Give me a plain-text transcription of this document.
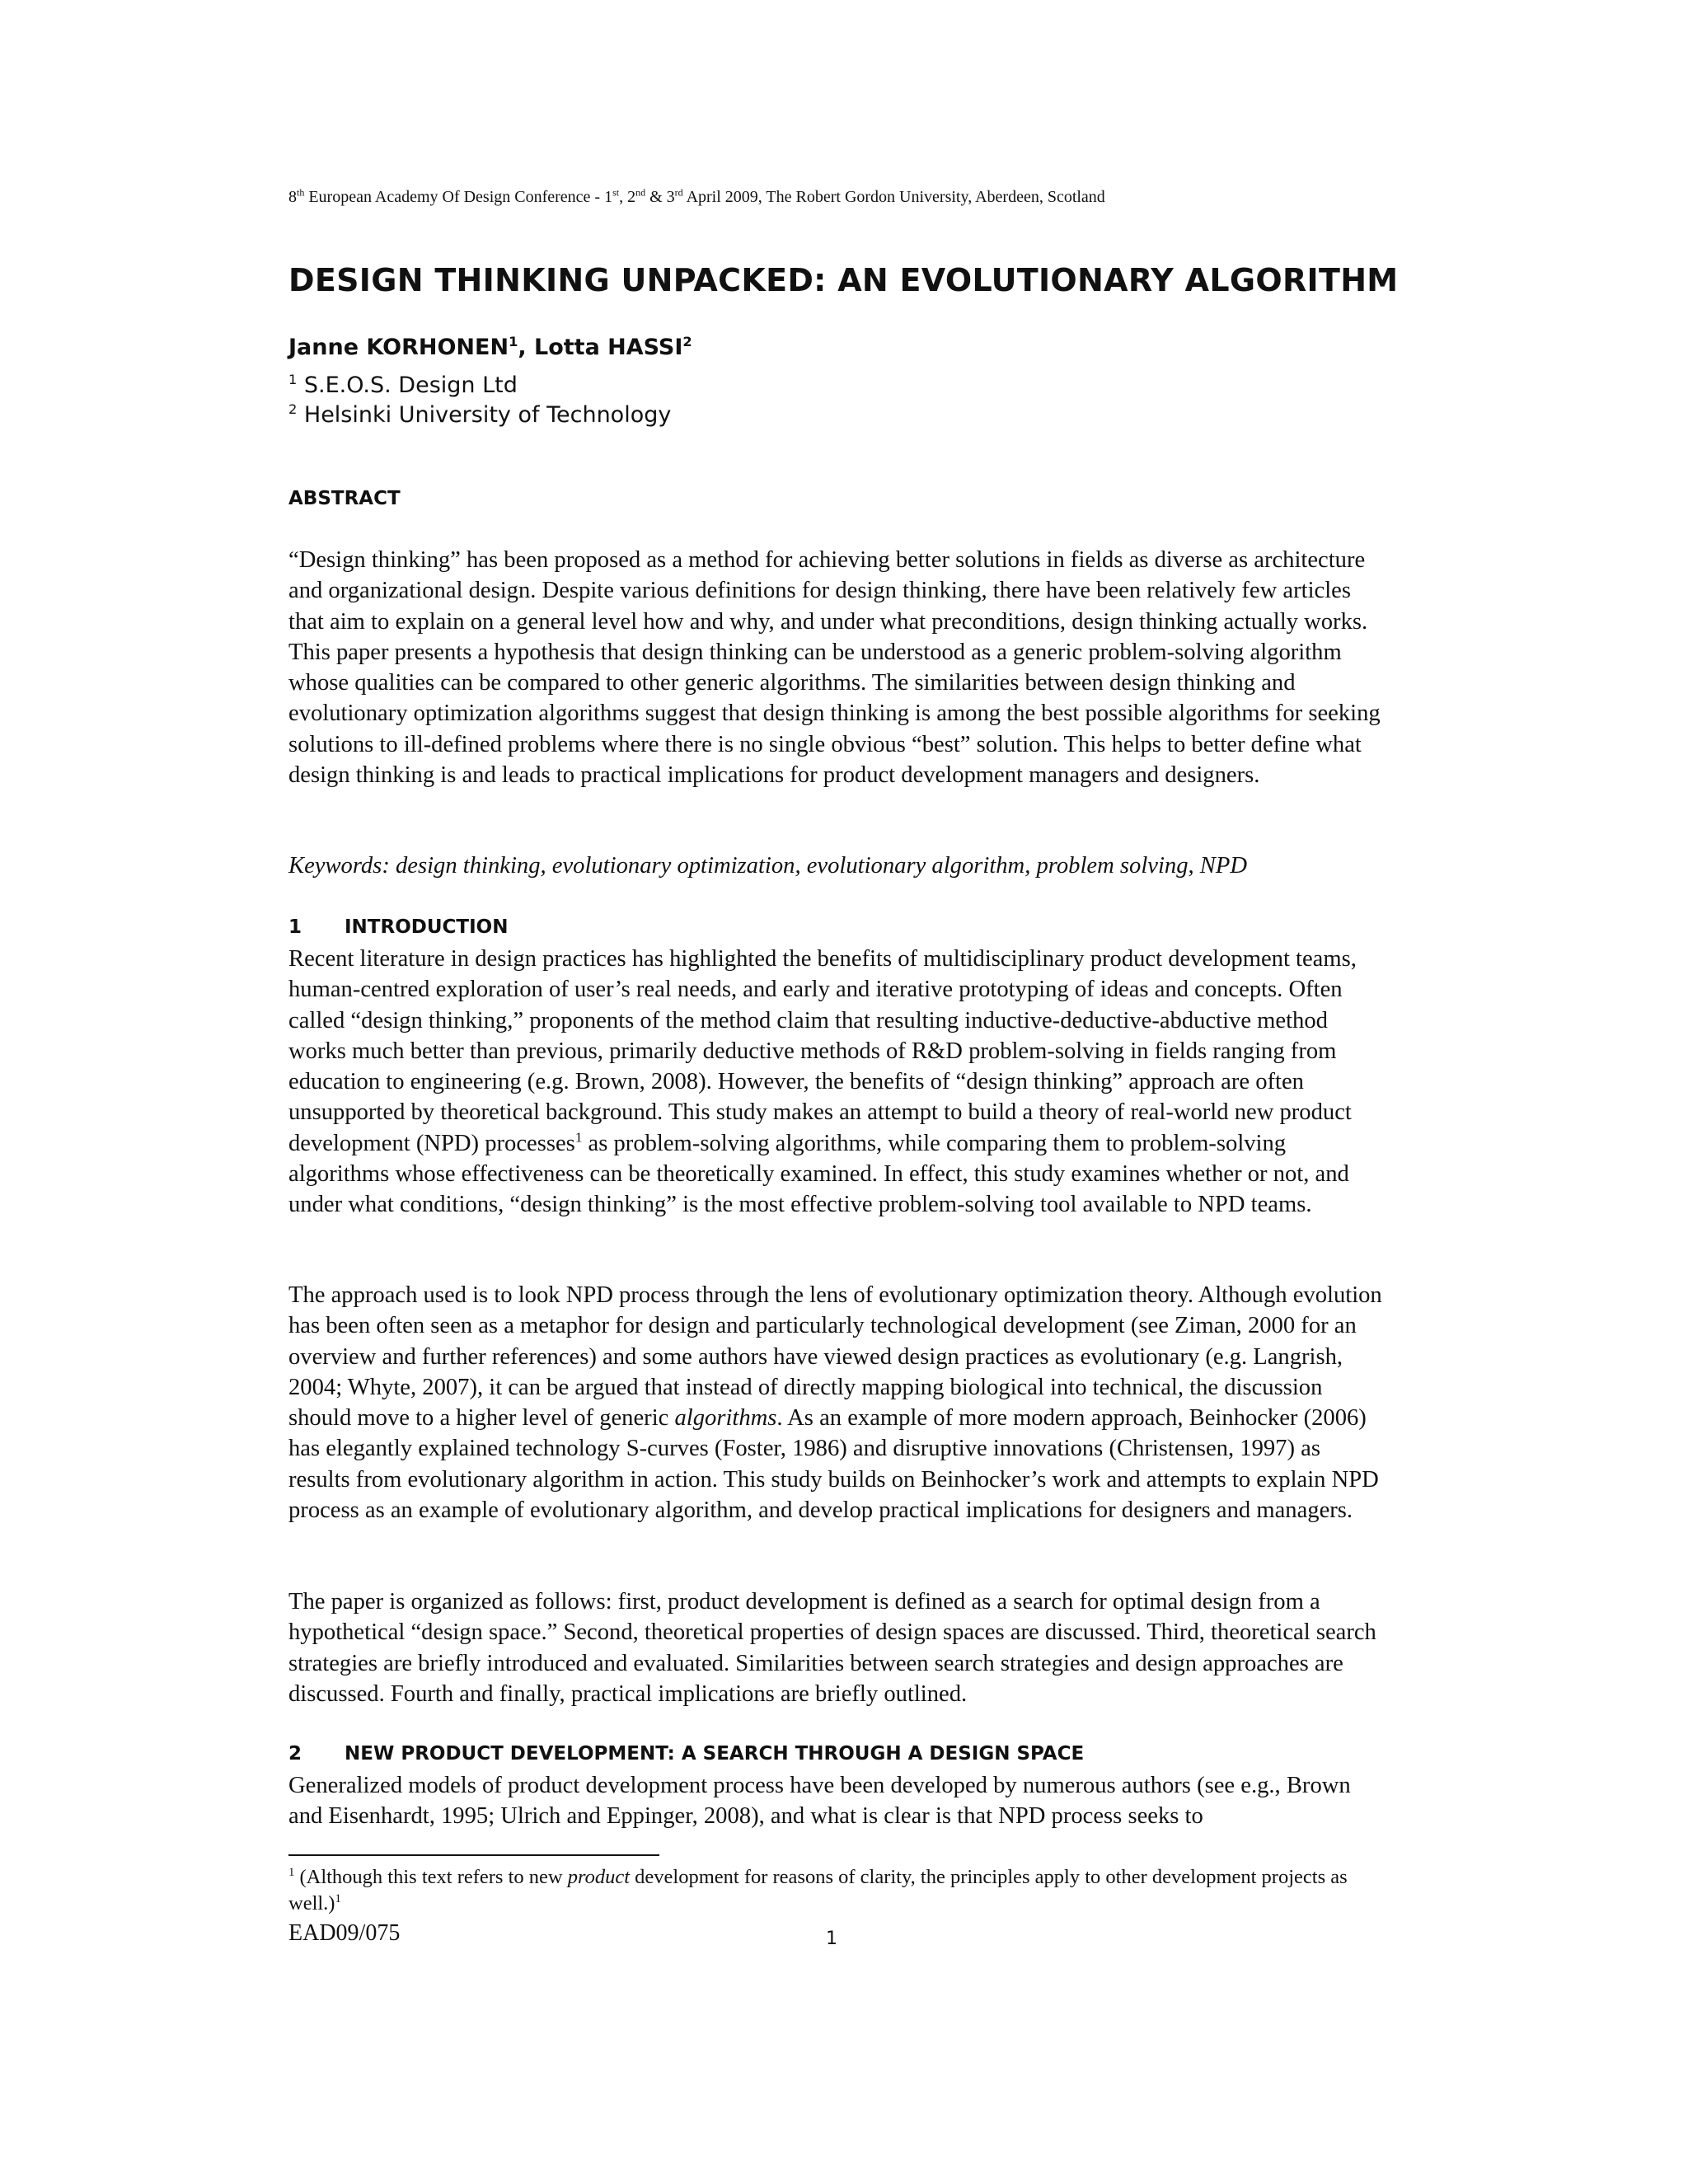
8th European Academy Of Design Conference - 1st, 2nd & 3rd April 2009, The Robert Gordon University, Aberdeen, Scotland
DESIGN THINKING UNPACKED: AN EVOLUTIONARY ALGORITHM
Janne KORHONEN$^1$, Lotta HASSI$^2$
$^1$ S.E.O.S. Design Ltd
$^2$ Helsinki University of Technology
ABSTRACT

“Design thinking” has been proposed as a method for achieving better solutions in fields as diverse as architecture and organizational design. Despite various definitions for design thinking, there have been relatively few articles that aim to explain on a general level how and why, and under what preconditions, design thinking actually works. This paper presents a hypothesis that design thinking can be understood as a generic problem-solving algorithm whose qualities can be compared to other generic algorithms. The similarities between design thinking and evolutionary optimization algorithms suggest that design thinking is among the best possible algorithms for seeking solutions to ill-defined problems where there is no single obvious “best” solution. This helps to better define what design thinking is and leads to practical implications for product development managers and designers.

Keywords: design thinking, evolutionary optimization, evolutionary algorithm, problem solving, NPD
1 INTRODUCTION

Recent literature in design practices has highlighted the benefits of multidisciplinary product development teams, human-centred exploration of user’s real needs, and early and iterative prototyping of ideas and concepts. Often called “design thinking,” proponents of the method claim that resulting inductive-deductive-abductive method works much better than previous, primarily deductive methods of R&D problem-solving in fields ranging from education to engineering (e.g. Brown, 2008). However, the benefits of “design thinking” approach are often unsupported by theoretical background. This study makes an attempt to build a theory of real-world new product development (NPD) processes$^1$ as problem-solving algorithms, while comparing them to problem-solving algorithms whose effectiveness can be theoretically examined. In effect, this study examines whether or not, and under what conditions, “design thinking” is the most effective problem-solving tool available to NPD teams.

The approach used is to look NPD process through the lens of evolutionary optimization theory. Although evolution has been often seen as a metaphor for design and particularly technological development (see Ziman, 2000 for an overview and further references) and some authors have viewed design practices as evolutionary (e.g. Langrish, 2004; Whyte, 2007), it can be argued that instead of directly mapping biological into technical, the discussion should move to a higher level of generic algorithms. As an example of more modern approach, Beinhocker (2006) has elegantly explained technology S-curves (Foster, 1986) and disruptive innovations (Christensen, 1997) as results from evolutionary algorithm in action. This study builds on Beinhocker’s work and attempts to explain NPD process as an example of evolutionary algorithm, and develop practical implications for designers and managers.

The paper is organized as follows: first, product development is defined as a search for optimal design from a hypothetical “design space.” Second, theoretical properties of design spaces are discussed. Third, theoretical search strategies are briefly introduced and evaluated. Similarities between search strategies and design approaches are discussed. Fourth and finally, practical implications are briefly outlined.

2 NEW PRODUCT DEVELOPMENT: A SEARCH THROUGH A DESIGN SPACE

Generalized models of product development process have been developed by numerous authors (see e.g., Brown and Eisenhardt, 1995; Ulrich and Eppinger, 2008), and what is clear is that NPD process seeks to

$^1$ (Although this text refers to new product development for reasons of clarity, the principles apply to other development projects as well.)$^1$
EAD09/075	1
